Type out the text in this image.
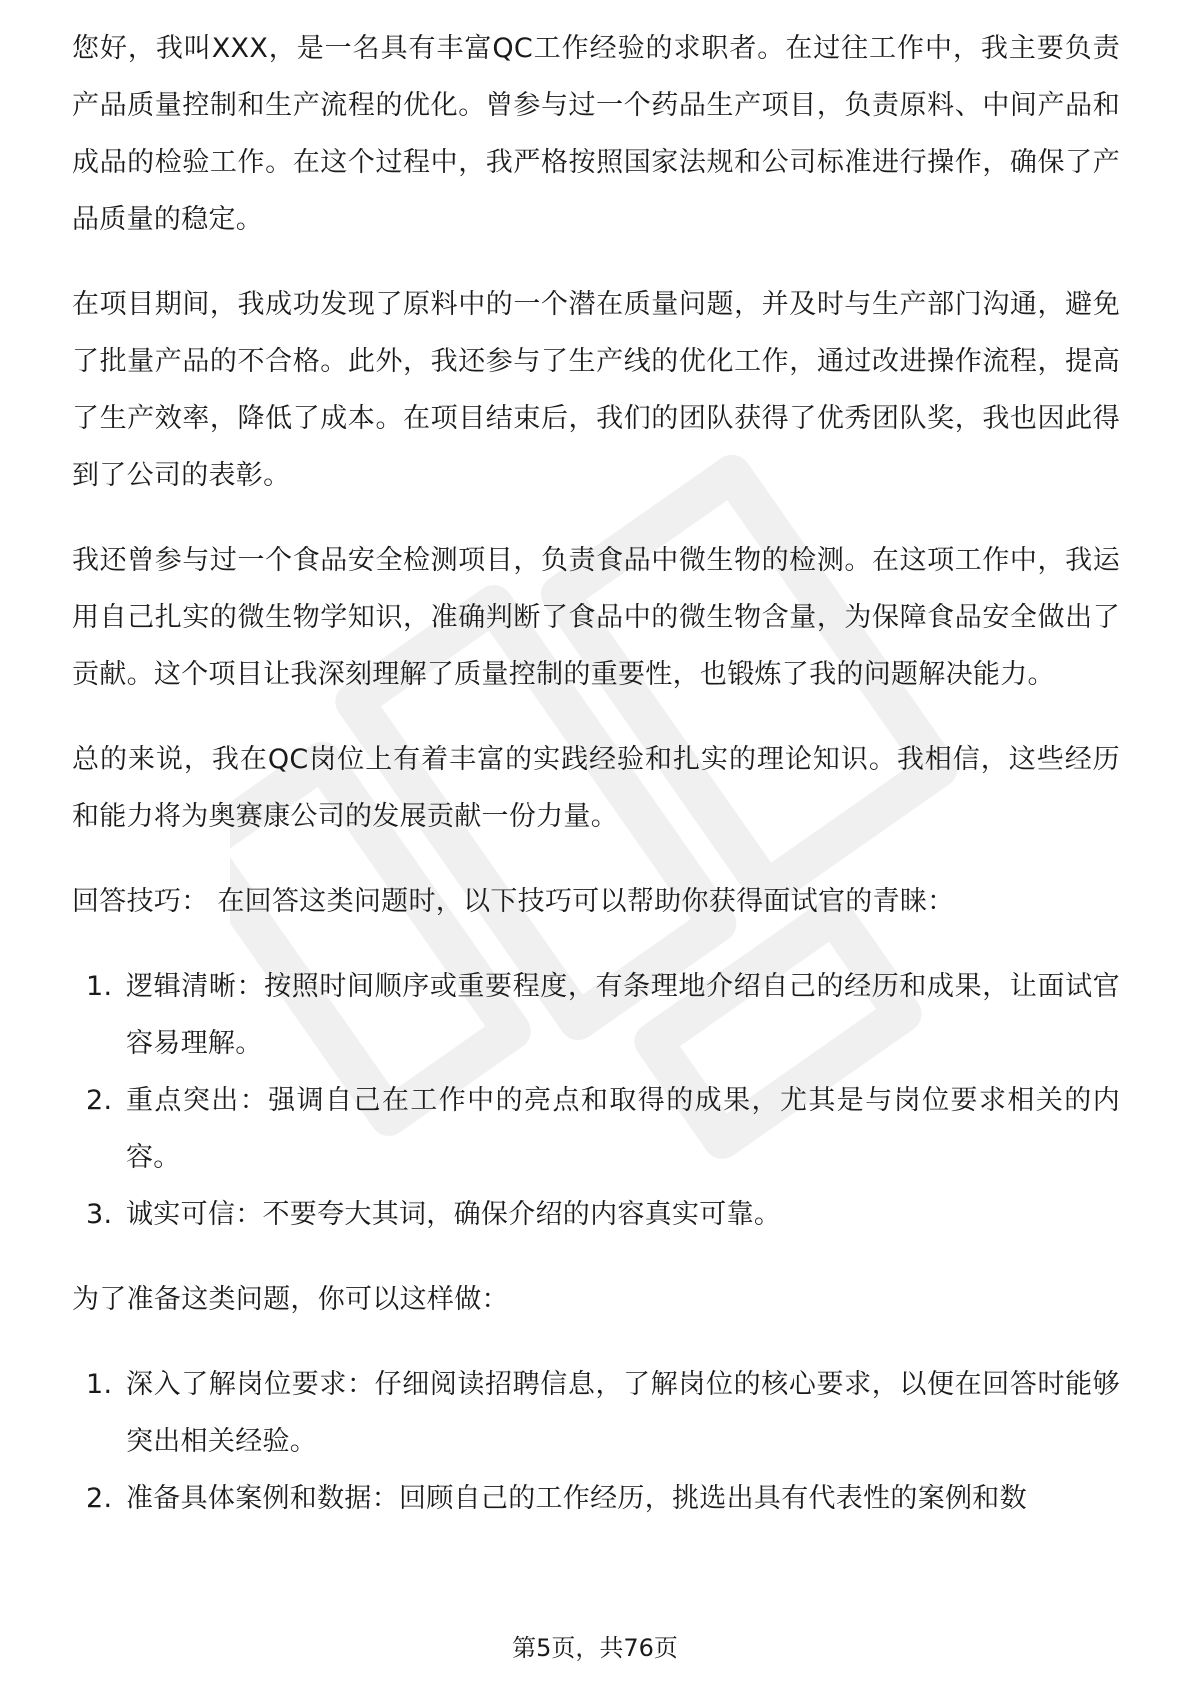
您好，我叫XXX，是一名具有丰富QC工作经验的求职者。在过往工作中，我主要负责产品质量控制和生产流程的优化。曾参与过一个药品生产项目，负责原料、中间产品和成品的检验工作。在这个过程中，我严格按照国家法规和公司标准进行操作，确保了产品质量的稳定。

在项目期间，我成功发现了原料中的一个潜在质量问题，并及时与生产部门沟通，避免了批量产品的不合格。此外，我还参与了生产线的优化工作，通过改进操作流程，提高了生产效率，降低了成本。在项目结束后，我们的团队获得了优秀团队奖，我也因此得到了公司的表彰。

我还曾参与过一个食品安全检测项目，负责食品中微生物的检测。在这项工作中，我运用自己扎实的微生物学知识，准确判断了食品中的微生物含量，为保障食品安全做出了贡献。这个项目让我深刻理解了质量控制的重要性，也锻炼了我的问题解决能力。

总的来说，我在QC岗位上有着丰富的实践经验和扎实的理论知识。我相信，这些经历和能力将为奥赛康公司的发展贡献一份力量。

回答技巧： 在回答这类问题时，以下技巧可以帮助你获得面试官的青睐：

1. 逻辑清晰：按照时间顺序或重要程度，有条理地介绍自己的经历和成果，让面试官容易理解。
2. 重点突出：强调自己在工作中的亮点和取得的成果，尤其是与岗位要求相关的内容。
3. 诚实可信：不要夸大其词，确保介绍的内容真实可靠。

为了准备这类问题，你可以这样做：

1. 深入了解岗位要求：仔细阅读招聘信息，了解岗位的核心要求，以便在回答时能够突出相关经验。
2. 准备具体案例和数据：回顾自己的工作经历，挑选出具有代表性的案例和数
第5页，共76页
